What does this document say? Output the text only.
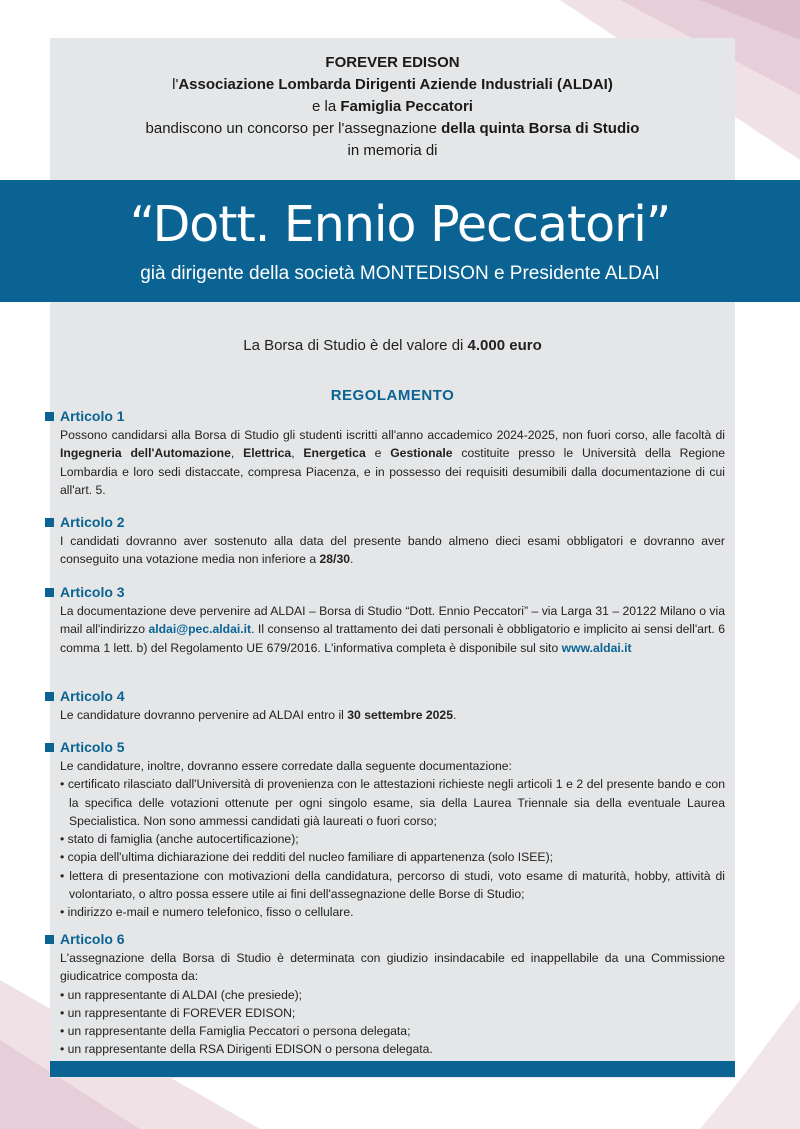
FOREVER EDISON
l'Associazione Lombarda Dirigenti Aziende Industriali (ALDAI)
e la Famiglia Peccatori
bandiscono un concorso per l'assegnazione della quinta Borsa di Studio
in memoria di
“Dott. Ennio Peccatori”
già dirigente della società MONTEDISON e Presidente ALDAI
La Borsa di Studio è del valore di 4.000 euro
REGOLAMENTO
Articolo 1
Possono candidarsi alla Borsa di Studio gli studenti iscritti all'anno accademico 2024-2025, non fuori corso, alle facoltà di Ingegneria dell'Automazione, Elettrica, Energetica e Gestionale costituite presso le Università della Regione Lombardia e loro sedi distaccate, compresa Piacenza, e in possesso dei requisiti desumibili dalla documentazione di cui all'art. 5.
Articolo 2
I candidati dovranno aver sostenuto alla data del presente bando almeno dieci esami obbligatori e dovranno aver conseguito una votazione media non inferiore a 28/30.
Articolo 3
La documentazione deve pervenire ad ALDAI – Borsa di Studio “Dott. Ennio Peccatori” – via Larga 31 – 20122 Milano o via mail all'indirizzo aldai@pec.aldai.it. Il consenso al trattamento dei dati personali è obbligatorio e implicito ai sensi dell'art. 6 comma 1 lett. b) del Regolamento UE 679/2016. L'informativa completa è disponibile sul sito www.aldai.it
Articolo 4
Le candidature dovranno pervenire ad ALDAI entro il 30 settembre 2025.
Articolo 5

Le candidature, inoltre, dovranno essere corredate dalla seguente documentazione:

• certificato rilasciato dall'Università di provenienza con le attestazioni richieste negli articoli 1 e 2 del presente bando e con la specifica delle votazioni ottenute per ogni singolo esame, sia della Laurea Triennale sia della eventuale Laurea Specialistica. Non sono ammessi candidati già laureati o fuori corso;

• stato di famiglia (anche autocertificazione);

• copia dell'ultima dichiarazione dei redditi del nucleo familiare di appartenenza (solo ISEE);

• lettera di presentazione con motivazioni della candidatura, percorso di studi, voto esame di maturità, hobby, attività di volontariato, o altro possa essere utile ai fini dell'assegnazione delle Borse di Studio;

• indirizzo e-mail e numero telefonico, fisso o cellulare.

Articolo 6

L'assegnazione della Borsa di Studio è determinata con giudizio insindacabile ed inappellabile da una Commissione giudicatrice composta da:

• un rappresentante di ALDAI (che presiede);

• un rappresentante di FOREVER EDISON;

• un rappresentante della Famiglia Peccatori o persona delegata;

• un rappresentante della RSA Dirigenti EDISON o persona delegata.
